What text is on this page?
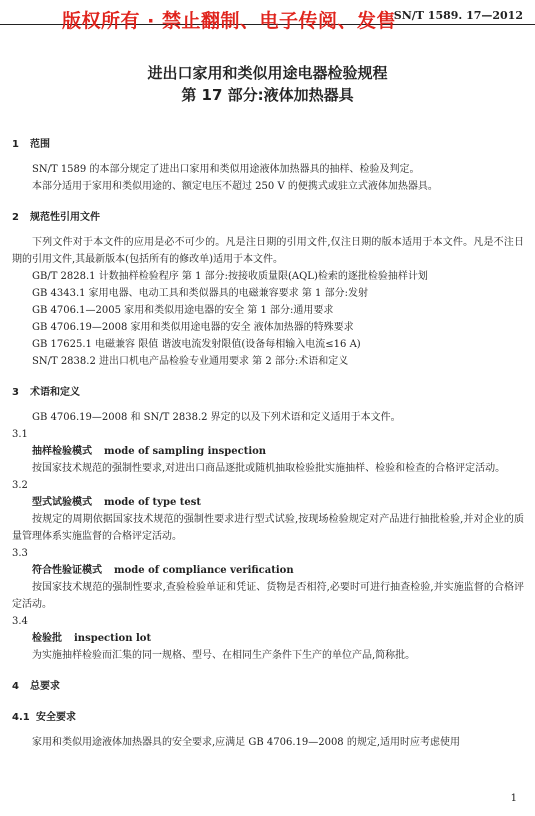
版权所有 · 禁止翻制、电子传阅、发售
SN/T 1589. 17—2012
进出口家用和类似用途电器检验规程
第 17 部分:液体加热器具

1 范围

SN/T 1589 的本部分规定了进出口家用和类似用途液体加热器具的抽样、检验及判定。

本部分适用于家用和类似用途的、额定电压不超过 250 V 的便携式或驻立式液体加热器具。

2 规范性引用文件

下列文件对于本文件的应用是必不可少的。凡是注日期的引用文件,仅注日期的版本适用于本文件。凡是不注日期的引用文件,其最新版本(包括所有的修改单)适用于本文件。

GB/T 2828.1 计数抽样检验程序 第 1 部分:按接收质量限(AQL)检索的逐批检验抽样计划

GB 4343.1 家用电器、电动工具和类似器具的电磁兼容要求 第 1 部分:发射

GB 4706.1—2005 家用和类似用途电器的安全 第 1 部分:通用要求

GB 4706.19—2008 家用和类似用途电器的安全 液体加热器的特殊要求

GB 17625.1 电磁兼容 限值 谐波电流发射限值(设备每相输入电流≤16 A)

SN/T 2838.2 进出口机电产品检验专业通用要求 第 2 部分:术语和定义

3 术语和定义

GB 4706.19—2008 和 SN/T 2838.2 界定的以及下列术语和定义适用于本文件。

3.1

抽样检验模式 mode of sampling inspection

按国家技术规范的强制性要求,对进出口商品逐批或随机抽取检验批实施抽样、检验和检查的合格评定活动。

3.2

型式试验模式 mode of type test

按规定的周期依据国家技术规范的强制性要求进行型式试验,按现场检验规定对产品进行抽批检验,并对企业的质量管理体系实施监督的合格评定活动。

3.3

符合性验证模式 mode of compliance verification

按国家技术规范的强制性要求,查验检验单证和凭证、货物是否相符,必要时可进行抽查检验,并实施监督的合格评定活动。

3.4

检验批 inspection lot

为实施抽样检验而汇集的同一规格、型号、在相同生产条件下生产的单位产品,简称批。

4 总要求

4.1 安全要求

家用和类似用途液体加热器具的安全要求,应满足 GB 4706.19—2008 的规定,适用时应考虑使用

1
